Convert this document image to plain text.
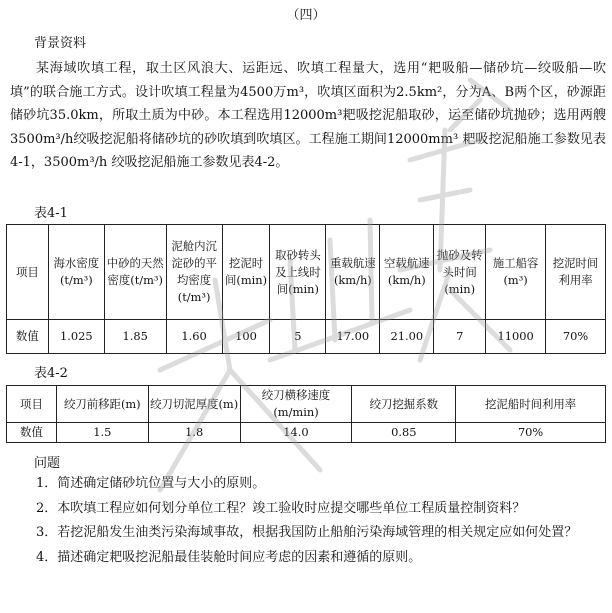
（四）
背景资料
某海域吹填工程，取土区风浪大、运距远、吹填工程量大，选用“耙吸船—储砂坑—绞吸船—吹填”的联合施工方式。设计吹填工程量为4500万m³，吹填区面积为2.5km²，分为A、B两个区，砂源距储砂坑35.0km，所取土质为中砂。本工程选用12000m³耙吸挖泥船取砂，运至储砂坑抛砂；选用两艘3500m³/h绞吸挖泥船将储砂坑的砂吹填到吹填区。工程施工期间12000mm³ 耙吸挖泥船施工参数见表4-1，3500m³/h 绞吸挖泥船施工参数见表4-2。
表4-1
项目	海水密度(t/m³)	中砂的天然密度(t/m³)	泥舱内沉淀砂的平均密度(t/m³)	挖泥时间(min)	取砂转头及上线时间(min)	重载航速(km/h)	空载航速(km/h)	抛砂及转头时间(min)	施工船容(m³)	挖泥时间利用率
数值	1.025	1.85	1.60	100	5	17.00	21.00	7	11000	70%
表4-2
项目	绞刀前移距(m)	绞刀切泥厚度(m)	绞刀横移速度(m/min)	绞刀挖掘系数	挖泥船时间利用率
数值	1.5	1.8	14.0	0.85	70%
问题
1．简述确定储砂坑位置与大小的原则。
2．本吹填工程应如何划分单位工程？竣工验收时应提交哪些单位工程质量控制资料？
3．若挖泥船发生油类污染海域事故，根据我国防止船舶污染海域管理的相关规定应如何处置？
4．描述确定耙吸挖泥船最佳装舱时间应考虑的因素和遵循的原则。
